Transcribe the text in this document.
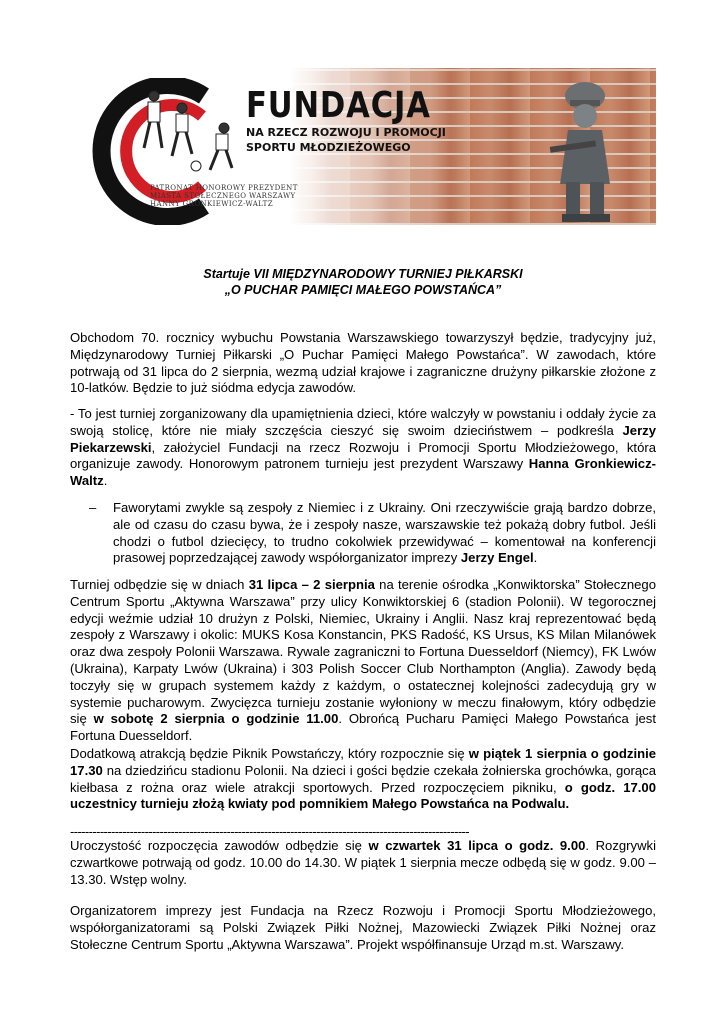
FUNDACJA
NA RZECZ ROZWOJU I PROMOCJI
SPORTU MŁODZIEŻOWEGO
PATRONAT HONOROWY PREZYDENT
MIASTA STOŁECZNEGO WARSZAWY
HANNY GRONKIEWICZ-WALTZ
Startuje VII MIĘDZYNARODOWY TURNIEJ PIŁKARSKI
„O PUCHAR PAMIĘCI MAŁEGO POWSTAŃCA”
Obchodom 70. rocznicy wybuchu Powstania Warszawskiego towarzyszył będzie, tradycyjny już, Międzynarodowy Turniej Piłkarski „O Puchar Pamięci Małego Powstańca”. W zawodach, które potrwają od 31 lipca do 2 sierpnia, wezmą udział krajowe i zagraniczne drużyny piłkarskie złożone z 10-latków. Będzie to już siódma edycja zawodów.
- To jest turniej zorganizowany dla upamiętnienia dzieci, które walczyły w powstaniu i oddały życie za swoją stolicę, które nie miały szczęścia cieszyć się swoim dzieciństwem – podkreśla Jerzy Piekarzewski, założyciel Fundacji na rzecz Rozwoju i Promocji Sportu Młodzieżowego, która organizuje zawody. Honorowym patronem turnieju jest prezydent Warszawy Hanna Gronkiewicz-Waltz.
– Faworytami zwykle są zespoły z Niemiec i z Ukrainy. Oni rzeczywiście grają bardzo dobrze, ale od czasu do czasu bywa, że i zespoły nasze, warszawskie też pokażą dobry futbol. Jeśli chodzi o futbol dziecięcy, to trudno cokolwiek przewidywać – komentował na konferencji prasowej poprzedzającej zawody współorganizator imprezy Jerzy Engel.
Turniej odbędzie się w dniach 31 lipca – 2 sierpnia na terenie ośrodka „Konwiktorska” Stołecznego Centrum Sportu „Aktywna Warszawa” przy ulicy Konwiktorskiej 6 (stadion Polonii). W tegorocznej edycji weźmie udział 10 drużyn z Polski, Niemiec, Ukrainy i Anglii. Nasz kraj reprezentować będą zespoły z Warszawy i okolic: MUKS Kosa Konstancin, PKS Radość, KS Ursus, KS Milan Milanówek oraz dwa zespoły Polonii Warszawa. Rywale zagraniczni to Fortuna Duesseldorf (Niemcy), FK Lwów (Ukraina), Karpaty Lwów (Ukraina) i 303 Polish Soccer Club Northampton (Anglia). Zawody będą toczyły się w grupach systemem każdy z każdym, o ostatecznej kolejności zadecydują gry w systemie pucharowym. Zwycięzca turnieju zostanie wyłoniony w meczu finałowym, który odbędzie się w sobotę 2 sierpnia o godzinie 11.00. Obrońcą Pucharu Pamięci Małego Powstańca jest Fortuna Duesseldorf.
Dodatkową atrakcją będzie Piknik Powstańczy, który rozpocznie się w piątek 1 sierpnia o godzinie 17.30 na dziedzińcu stadionu Polonii. Na dzieci i gości będzie czekała żołnierska grochówka, gorąca kiełbasa z rożna oraz wiele atrakcji sportowych. Przed rozpoczęciem pikniku, o godz. 17.00 uczestnicy turnieju złożą kwiaty pod pomnikiem Małego Powstańca na Podwalu.
-----------------------------------------------------------------------------------------------------------
Uroczystość rozpoczęcia zawodów odbędzie się w czwartek 31 lipca o godz. 9.00. Rozgrywki czwartkowe potrwają od godz. 10.00 do 14.30. W piątek 1 sierpnia mecze odbędą się w godz. 9.00 – 13.30. Wstęp wolny.
Organizatorem imprezy jest Fundacja na Rzecz Rozwoju i Promocji Sportu Młodzieżowego, współorganizatorami są Polski Związek Piłki Nożnej, Mazowiecki Związek Piłki Nożnej oraz Stołeczne Centrum Sportu „Aktywna Warszawa”. Projekt współfinansuje Urząd m.st. Warszawy.
